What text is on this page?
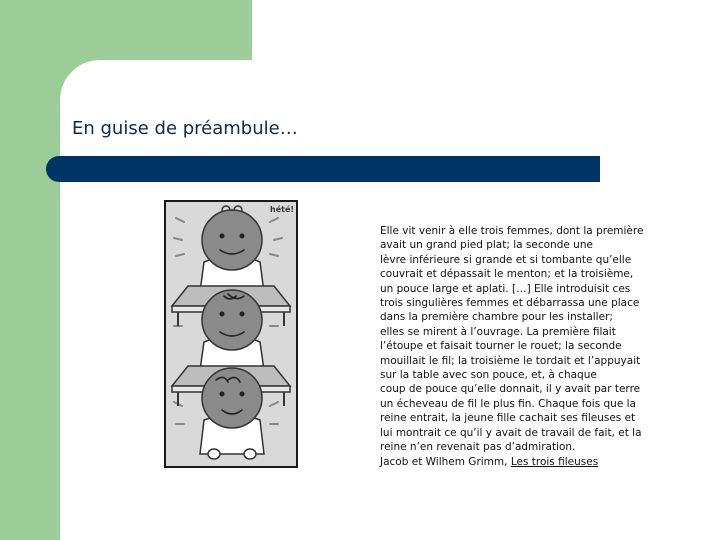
En guise de préambule…
hété!
Elle vit venir à elle trois femmes, dont la première
avait un grand pied plat; la seconde une
lèvre inférieure si grande et si tombante qu’elle
couvrait et dépassait le menton; et la troisième,
un pouce large et aplati. […] Elle introduisit ces
trois singulières femmes et débarrassa une place
dans la première chambre pour les installer;
elles se mirent à l’ouvrage. La première filait
l’étoupe et faisait tourner le rouet; la seconde
mouillait le fil; la troisième le tordait et l’appuyait
sur la table avec son pouce, et, à chaque
coup de pouce qu’elle donnait, il y avait par terre
un écheveau de fil le plus fin. Chaque fois que la
reine entrait, la jeune fille cachait ses fileuses et
lui montrait ce qu’il y avait de travail de fait, et la
reine n’en revenait pas d’admiration.
Jacob et Wilhem Grimm, Les trois fileuses
